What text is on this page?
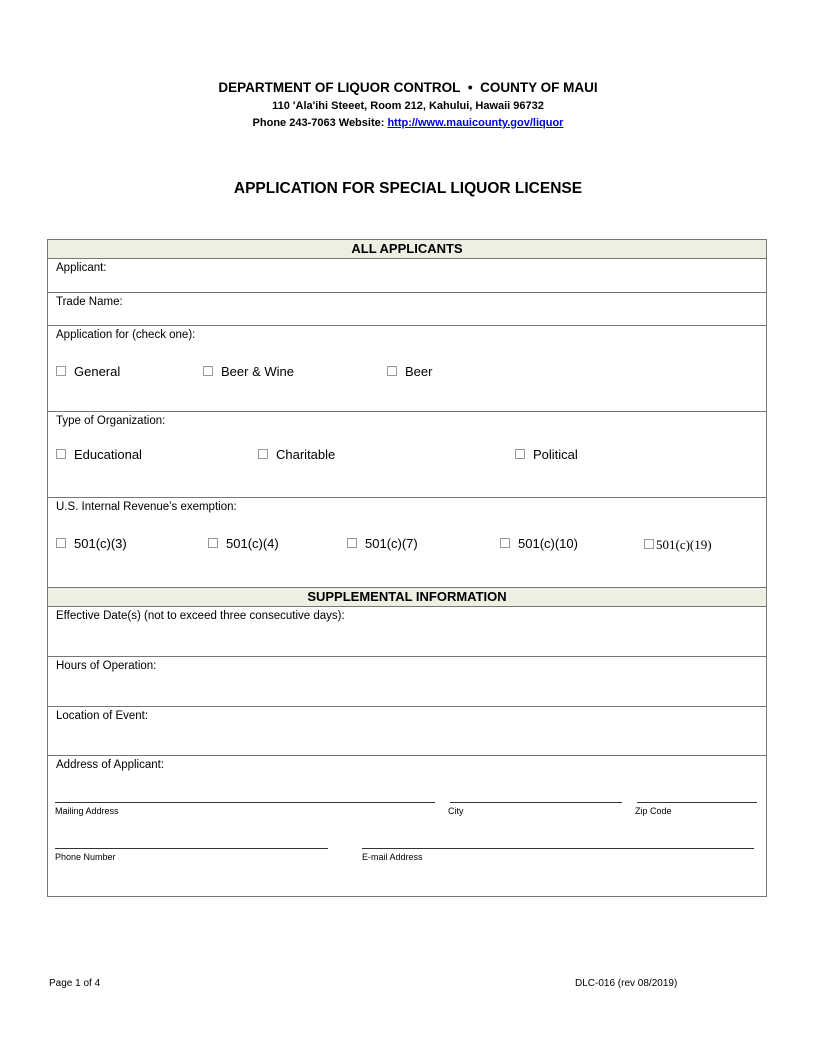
DEPARTMENT OF LIQUOR CONTROL • COUNTY OF MAUI
110 'Ala'ihi Steeet, Room 212, Kahului, Hawaii 96732
Phone 243-7063 Website: http://www.mauicounty.gov/liquor
APPLICATION FOR SPECIAL LIQUOR LICENSE
ALL APPLICANTS
Applicant:
Trade Name:
Application for (check one):
General	Beer & Wine	Beer
Type of Organization:
Educational	Charitable	Political
U.S. Internal Revenue’s exemption:
501(c)(3)	501(c)(4)	501(c)(7)	501(c)(10)	501(c)(19)
SUPPLEMENTAL INFORMATION
Effective Date(s) (not to exceed three consecutive days):
Hours of Operation:
Location of Event:
Address of Applicant:
Mailing Address	City	Zip Code
Phone Number	E-mail Address
Page 1 of 4	DLC-016 (rev 08/2019)
